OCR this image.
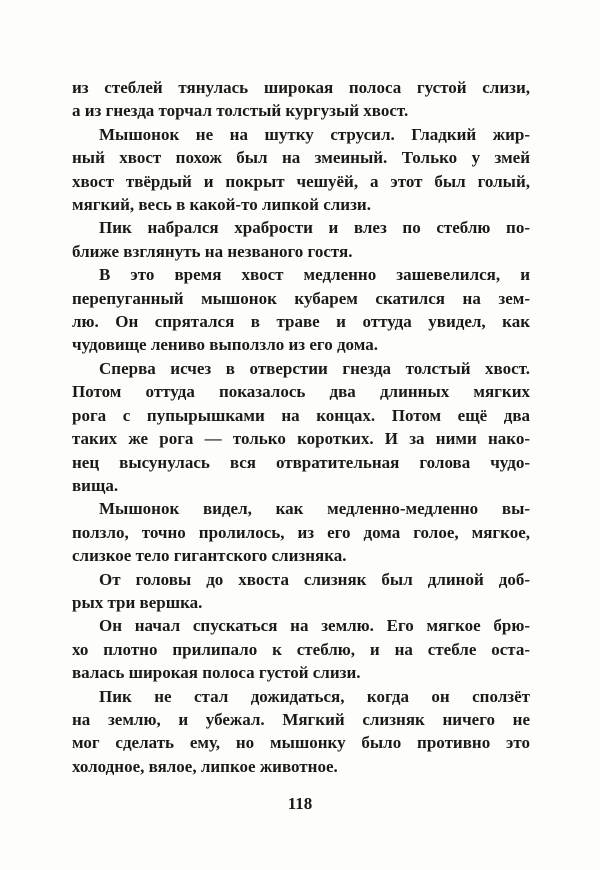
из стеблей тянулась широкая полоса густой слизи,
а из гнезда торчал толстый кургузый хвост.
Мышонок не на шутку струсил. Гладкий жир-
ный хвост похож был на змеиный. Только у змей
хвост твёрдый и покрыт чешуёй, а этот был голый,
мягкий, весь в какой-то липкой слизи.
Пик набрался храбрости и влез по стеблю по-
ближе взглянуть на незваного гостя.
В это время хвост медленно зашевелился, и
перепуганный мышонок кубарем скатился на зем-
лю. Он спрятался в траве и оттуда увидел, как
чудовище лениво выползло из его дома.
Сперва исчез в отверстии гнезда толстый хвост.
Потом оттуда показалось два длинных мягких
рога с пупырышками на концах. Потом ещё два
таких же рога — только коротких. И за ними нако-
нец высунулась вся отвратительная голова чудо-
вища.
Мышонок видел, как медленно-медленно вы-
ползло, точно пролилось, из его дома голое, мягкое,
слизкое тело гигантского слизняка.
От головы до хвоста слизняк был длиной доб-
рых три вершка.
Он начал спускаться на землю. Его мягкое брю-
хо плотно прилипало к стеблю, и на стебле оста-
валась широкая полоса густой слизи.
Пик не стал дожидаться, когда он сползёт
на землю, и убежал. Мягкий слизняк ничего не
мог сделать ему, но мышонку было противно это
холодное, вялое, липкое животное.
118
